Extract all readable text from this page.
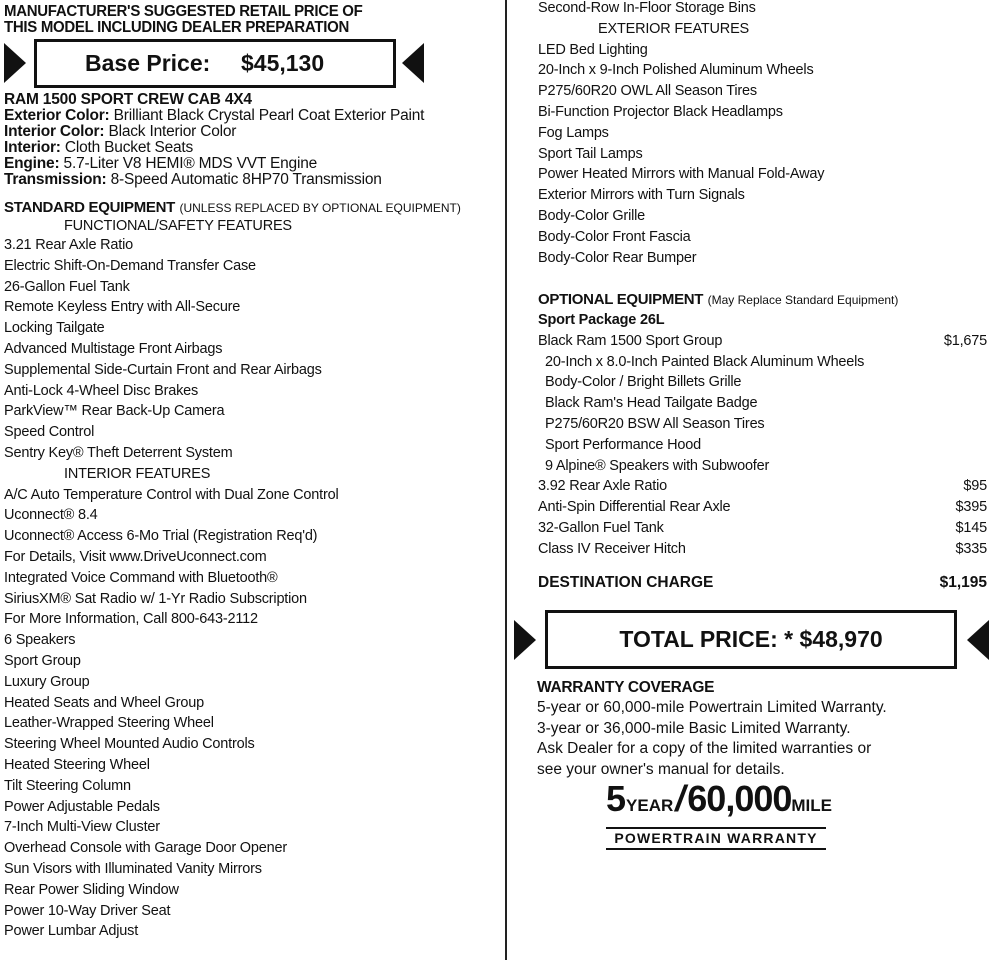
MANUFACTURER'S SUGGESTED RETAIL PRICE OF
THIS MODEL INCLUDING DEALER PREPARATION
Base Price: $45,130
RAM 1500 SPORT CREW CAB 4X4
Exterior Color: Brilliant Black Crystal Pearl Coat Exterior Paint
Interior Color: Black Interior Color
Interior: Cloth Bucket Seats
Engine: 5.7-Liter V8 HEMI® MDS VVT Engine
Transmission: 8-Speed Automatic 8HP70 Transmission
STANDARD EQUIPMENT (UNLESS REPLACED BY OPTIONAL EQUIPMENT)
FUNCTIONAL/SAFETY FEATURES
3.21 Rear Axle Ratio
Electric Shift-On-Demand Transfer Case
26-Gallon Fuel Tank
Remote Keyless Entry with All-Secure
Locking Tailgate
Advanced Multistage Front Airbags
Supplemental Side-Curtain Front and Rear Airbags
Anti-Lock 4-Wheel Disc Brakes
ParkView™ Rear Back-Up Camera
Speed Control
Sentry Key® Theft Deterrent System
INTERIOR FEATURES
A/C Auto Temperature Control with Dual Zone Control
Uconnect® 8.4
Uconnect® Access 6-Mo Trial (Registration Req'd)
For Details, Visit www.DriveUconnect.com
Integrated Voice Command with Bluetooth®
SiriusXM® Sat Radio w/ 1-Yr Radio Subscription
For More Information, Call 800-643-2112
6 Speakers
Sport Group
Luxury Group
Heated Seats and Wheel Group
Leather-Wrapped Steering Wheel
Steering Wheel Mounted Audio Controls
Heated Steering Wheel
Tilt Steering Column
Power Adjustable Pedals
7-Inch Multi-View Cluster
Overhead Console with Garage Door Opener
Sun Visors with Illuminated Vanity Mirrors
Rear Power Sliding Window
Power 10-Way Driver Seat
Power Lumbar Adjust
Second-Row In-Floor Storage Bins
EXTERIOR FEATURES
LED Bed Lighting
20-Inch x 9-Inch Polished Aluminum Wheels
P275/60R20 OWL All Season Tires
Bi-Function Projector Black Headlamps
Fog Lamps
Sport Tail Lamps
Power Heated Mirrors with Manual Fold-Away
Exterior Mirrors with Turn Signals
Body-Color Grille
Body-Color Front Fascia
Body-Color Rear Bumper
OPTIONAL EQUIPMENT (May Replace Standard Equipment)
Sport Package 26L
Black Ram 1500 Sport Group	$1,675
20-Inch x 8.0-Inch Painted Black Aluminum Wheels
Body-Color / Bright Billets Grille
Black Ram's Head Tailgate Badge
P275/60R20 BSW All Season Tires
Sport Performance Hood
9 Alpine® Speakers with Subwoofer
3.92 Rear Axle Ratio	$95
Anti-Spin Differential Rear Axle	$395
32-Gallon Fuel Tank	$145
Class IV Receiver Hitch	$335
DESTINATION CHARGE	$1,195
TOTAL PRICE: * $48,970
WARRANTY COVERAGE
5-year or 60,000-mile Powertrain Limited Warranty.
3-year or 36,000-mile Basic Limited Warranty.
Ask Dealer for a copy of the limited warranties or
see your owner's manual for details.
5 YEAR / 60,000 MILE
POWERTRAIN WARRANTY
